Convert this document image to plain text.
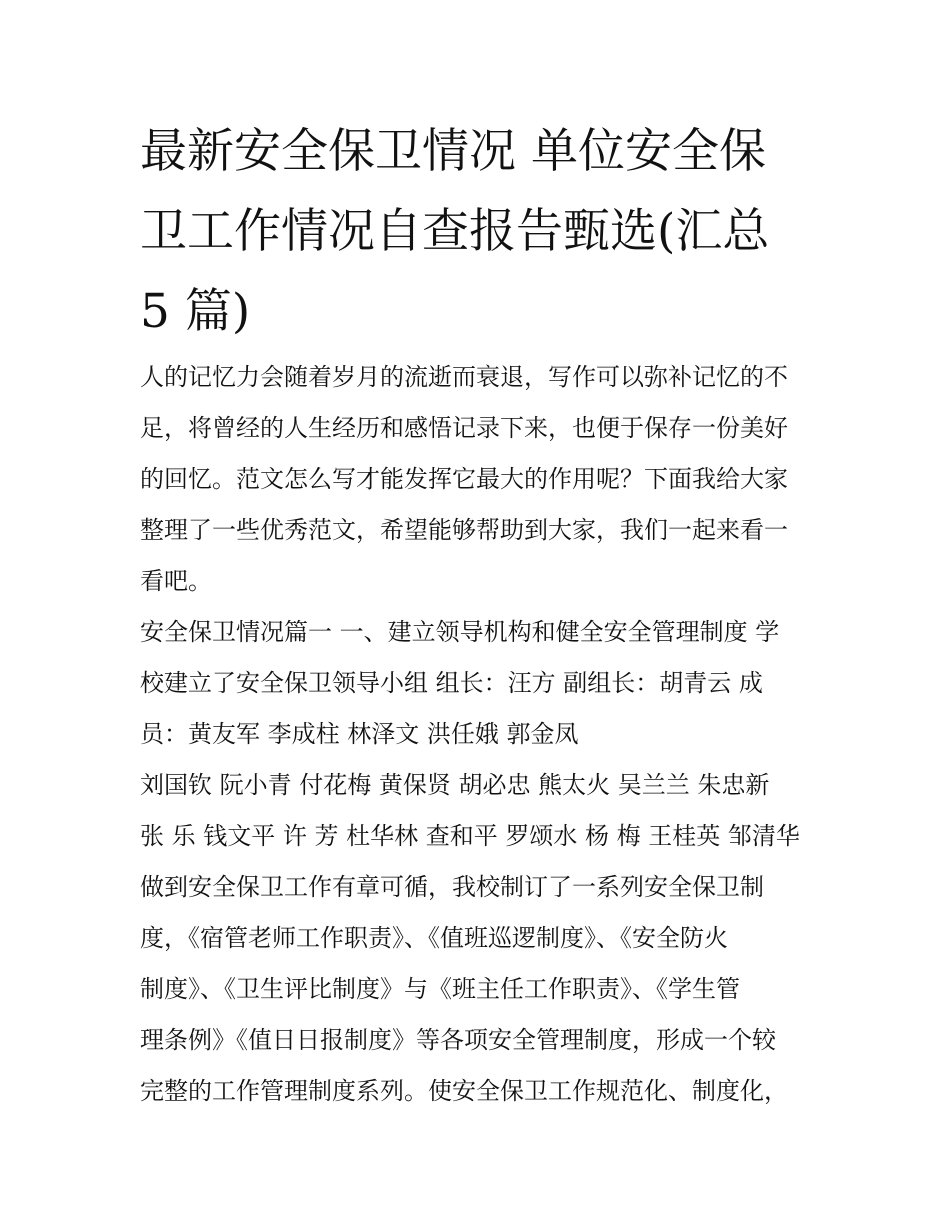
最新安全保卫情况 单位安全保
卫工作情况自查报告甄选(汇总
5 篇)
人的记忆力会随着岁月的流逝而衰退，写作可以弥补记忆的不
足，将曾经的人生经历和感悟记录下来，也便于保存一份美好
的回忆。范文怎么写才能发挥它最大的作用呢？下面我给大家
整理了一些优秀范文，希望能够帮助到大家，我们一起来看一
看吧。
安全保卫情况篇一 一、建立领导机构和健全安全管理制度 学
校建立了安全保卫领导小组 组长：汪方 副组长：胡青云 成
员：黄友军 李成柱 林泽文 洪任娥 郭金凤
刘国钦 阮小青 付花梅 黄保贤 胡必忠 熊太火 吴兰兰 朱忠新
张 乐 钱文平 许 芳 杜华林 查和平 罗颂水 杨 梅 王桂英 邹清华
做到安全保卫工作有章可循，我校制订了一系列安全保卫制
度，《宿管老师工作职责》、《值班巡逻制度》、《安全防火
制度》、《卫生评比制度》与《班主任工作职责》、《学生管
理条例》《值日日报制度》等各项安全管理制度，形成一个较
完整的工作管理制度系列。使安全保卫工作规范化、制度化，
